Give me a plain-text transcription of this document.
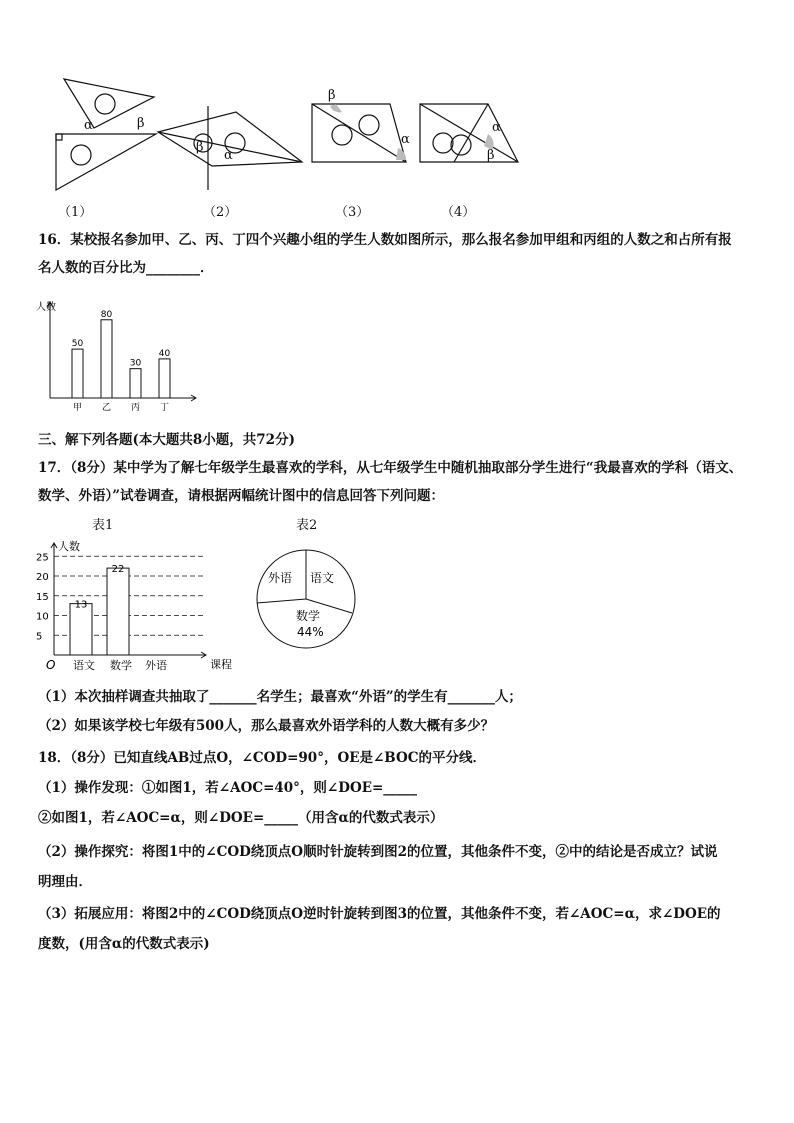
α	β
β
α
β
α
α
β
（1）	（2）	（3）	（4）
16．某校报名参加甲、乙、丙、丁四个兴趣小组的学生人数如图所示，那么报名参加甲组和丙组的人数之和占所有报
名人数的百分比为________．
人数
50
甲
80
乙
30
丙
40
丁
三、解下列各题(本大题共8小题，共72分)
17．（8分）某中学为了解七年级学生最喜欢的学科，从七年级学生中随机抽取部分学生进行“我最喜欢的学科（语文、
数学、外语）”试卷调查，请根据两幅统计图中的信息回答下列问题：
表1	表2
人数
课程
O
5
10
15
20
25
语文
13
数学
22
外语
外语 语文
数学
44%
（1）本次抽样调查共抽取了_______名学生；最喜欢“外语”的学生有_______人；
（2）如果该学校七年级有500人，那么最喜欢外语学科的人数大概有多少？
18．（8分）已知直线AB过点O，∠COD=90°，OE是∠BOC的平分线．
（1）操作发现：①如图1，若∠AOC=40°，则∠DOE=_____
②如图1，若∠AOC=α，则∠DOE=_____（用含α的代数式表示）
（2）操作探究：将图1中的∠COD绕顶点O顺时针旋转到图2的位置，其他条件不变，②中的结论是否成立？试说
明理由．
（3）拓展应用：将图2中的∠COD绕顶点O逆时针旋转到图3的位置，其他条件不变，若∠AOC=α，求∠DOE的
度数，(用含α的代数式表示)
